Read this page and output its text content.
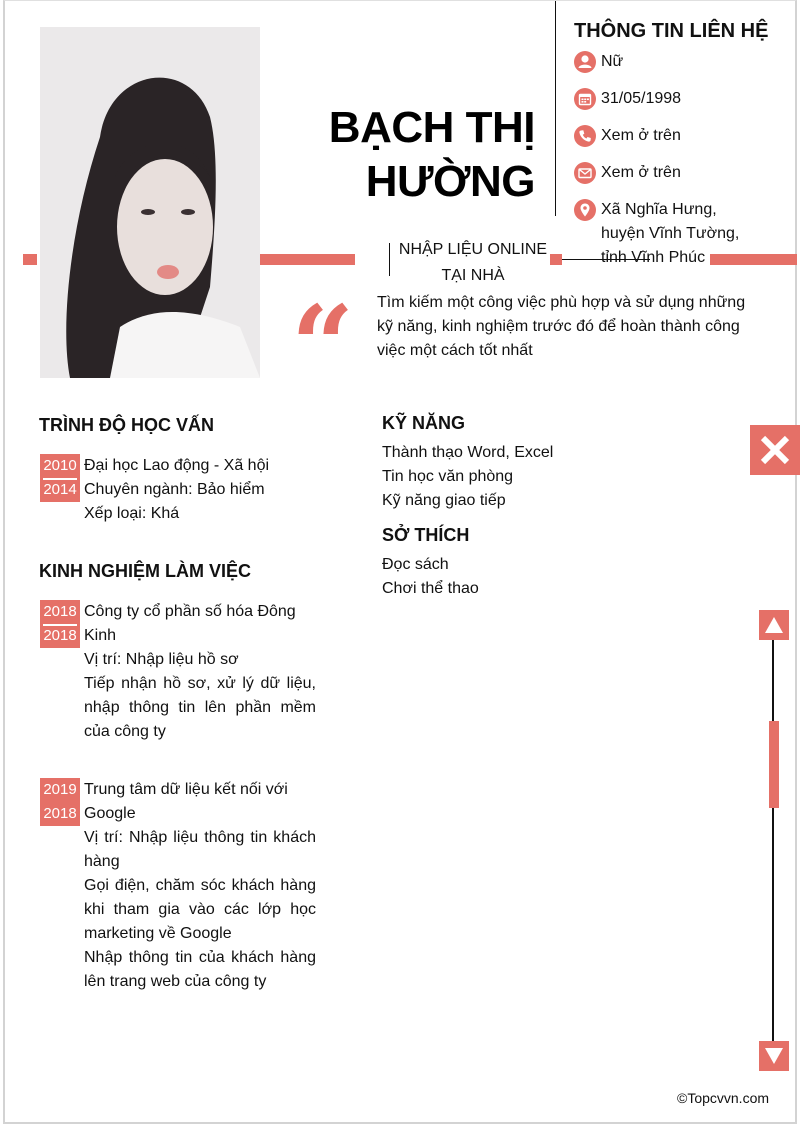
BẠCH THỊ
HƯỜNG
NHẬP LIỆU ONLINE
TẠI NHÀ
THÔNG TIN LIÊN HỆ
Nữ
31/05/1998
Xem ở trên
Xem ở trên
Xã Nghĩa Hưng, huyện Vĩnh Tường, tỉnh Vĩnh Phúc
“ Tìm kiếm một công việc phù hợp và sử dụng những kỹ năng, kinh nghiệm trước đó để hoàn thành công việc một cách tốt nhất
TRÌNH ĐỘ HỌC VẤN
2010
2014
Đại học Lao động - Xã hội
Chuyên ngành: Bảo hiểm
Xếp loại: Khá
KINH NGHIỆM LÀM VIỆC
2018
2018
Công ty cổ phần số hóa Đông Kinh
Vị trí: Nhập liệu hồ sơ
Tiếp nhận hồ sơ, xử lý dữ liệu, nhập thông tin lên phần mềm của công ty
2019
2018
Trung tâm dữ liệu kết nối với Google
Vị trí: Nhập liệu thông tin khách hàng
Gọi điện, chăm sóc khách hàng khi tham gia vào các lớp học marketing về Google
Nhập thông tin của khách hàng lên trang web của công ty
KỸ NĂNG
Thành thạo Word, Excel
Tin học văn phòng
Kỹ năng giao tiếp
SỞ THÍCH
Đọc sách
Chơi thể thao
©Topcvvn.com
